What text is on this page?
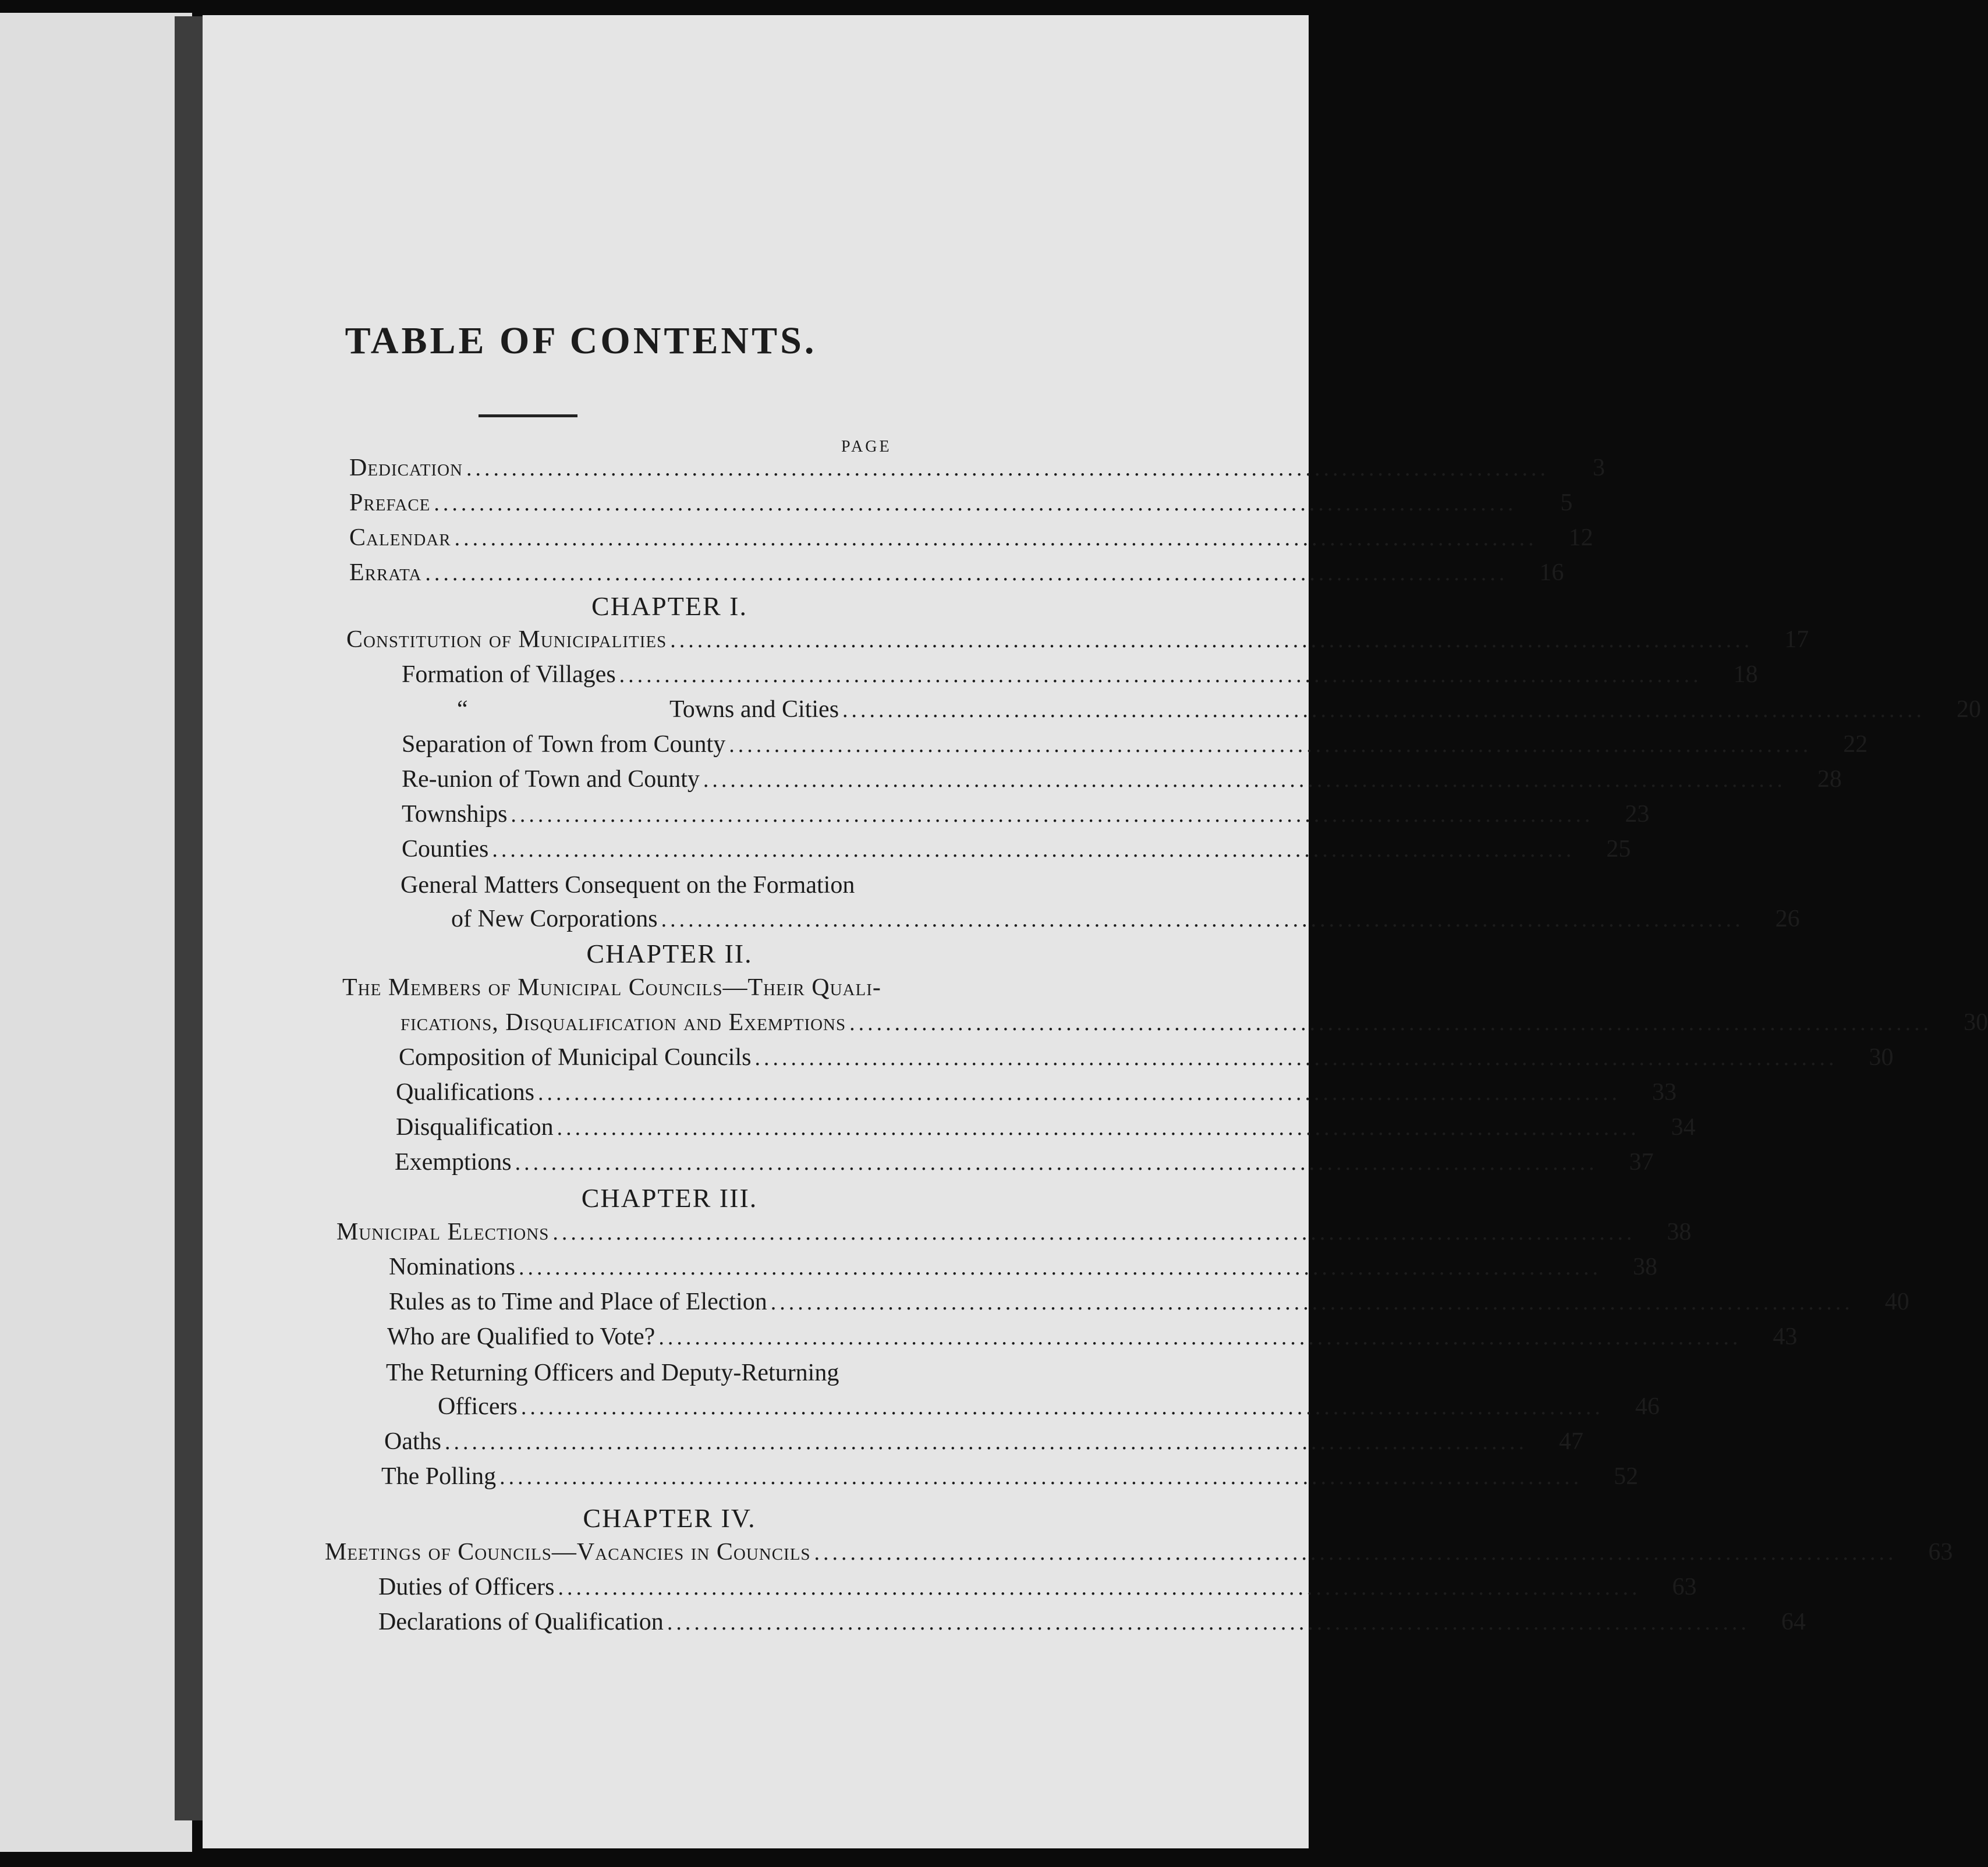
TABLE OF CONTENTS.
PAGE
Dedication ........................................................................................................................	3
Preface ........................................................................................................................	5
Calendar ........................................................................................................................	12
Errata ........................................................................................................................	16
CHAPTER I.
Constitution of Municipalities ........................................................................................................................	17
Formation of Villages ........................................................................................................................	18
“	Towns and Cities ........................................................................................................................	20
Separation of Town from County ........................................................................................................................	22
Re-union of Town and County ........................................................................................................................	28
Townships ........................................................................................................................	23
Counties ........................................................................................................................	25
General Matters Consequent on the Formation
of New Corporations ........................................................................................................................	26
CHAPTER II.
The Members of Municipal Councils—Their Quali-
fications, Disqualification and Exemptions ........................................................................................................................	30
Composition of Municipal Councils ........................................................................................................................	30
Qualifications ........................................................................................................................	33
Disqualification ........................................................................................................................	34
Exemptions ........................................................................................................................	37
CHAPTER III.
Municipal Elections ........................................................................................................................	38
Nominations ........................................................................................................................	38
Rules as to Time and Place of Election ........................................................................................................................	40
Who are Qualified to Vote? ........................................................................................................................	43
The Returning Officers and Deputy-Returning
Officers ........................................................................................................................	46
Oaths ........................................................................................................................	47
The Polling ........................................................................................................................	52
CHAPTER IV.
Meetings of Councils—Vacancies in Councils ........................................................................................................................	63
Duties of Officers ........................................................................................................................	63
Declarations of Qualification ........................................................................................................................	64
